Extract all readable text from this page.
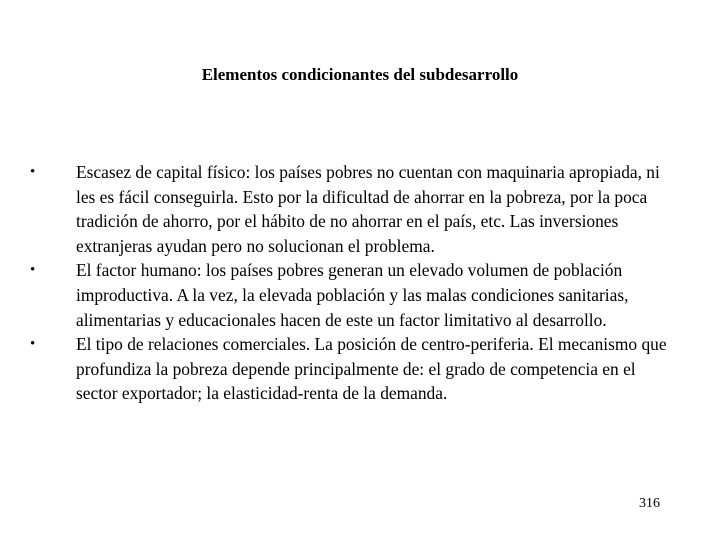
Elementos condicionantes del subdesarrollo
• Escasez de capital físico: los países pobres no cuentan con maquinaria apropiada, ni les es fácil conseguirla. Esto por la dificultad de ahorrar en la pobreza, por la poca tradición de ahorro, por el hábito de no ahorrar en el país, etc. Las inversiones extranjeras ayudan pero no solucionan el problema.
• El factor humano: los países pobres generan un elevado volumen de población improductiva. A la vez, la elevada población y las malas condiciones sanitarias, alimentarias y educacionales hacen de este un factor limitativo al desarrollo.
• El tipo de relaciones comerciales. La posición de centro-periferia. El mecanismo que profundiza la pobreza depende principalmente de: el grado de competencia en el sector exportador; la elasticidad-renta de la demanda.
316
